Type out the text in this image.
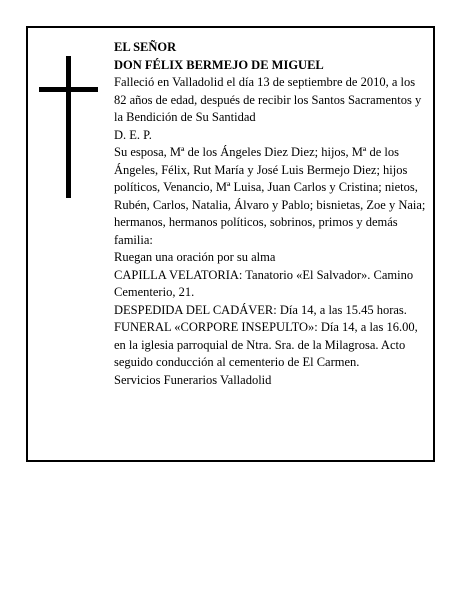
EL SEÑOR

DON FÉLIX BERMEJO DE MIGUEL

Falleció en Valladolid el día 13 de septiembre de 2010, a los 82 años de edad, después de recibir los Santos Sacramentos y la Bendición de Su Santidad

D. E. P.

Su esposa, Mª de los Ángeles Diez Diez; hijos, Mª de los Ángeles, Félix, Rut María y José Luis Bermejo Diez; hijos políticos, Venancio, Mª Luisa, Juan Carlos y Cristina; nietos, Rubén, Carlos, Natalia, Álvaro y Pablo; bisnietas, Zoe y Naia; hermanos, hermanos políticos, sobrinos, primos y demás familia:

Ruegan una oración por su alma

CAPILLA VELATORIA: Tanatorio «El Salvador». Camino Cementerio, 21.

DESPEDIDA DEL CADÁVER: Día 14, a las 15.45 horas.

FUNERAL «CORPORE INSEPULTO»: Día 14, a las 16.00, en la iglesia parroquial de Ntra. Sra. de la Milagrosa. Acto seguido conducción al cementerio de El Carmen.

Servicios Funerarios Valladolid
